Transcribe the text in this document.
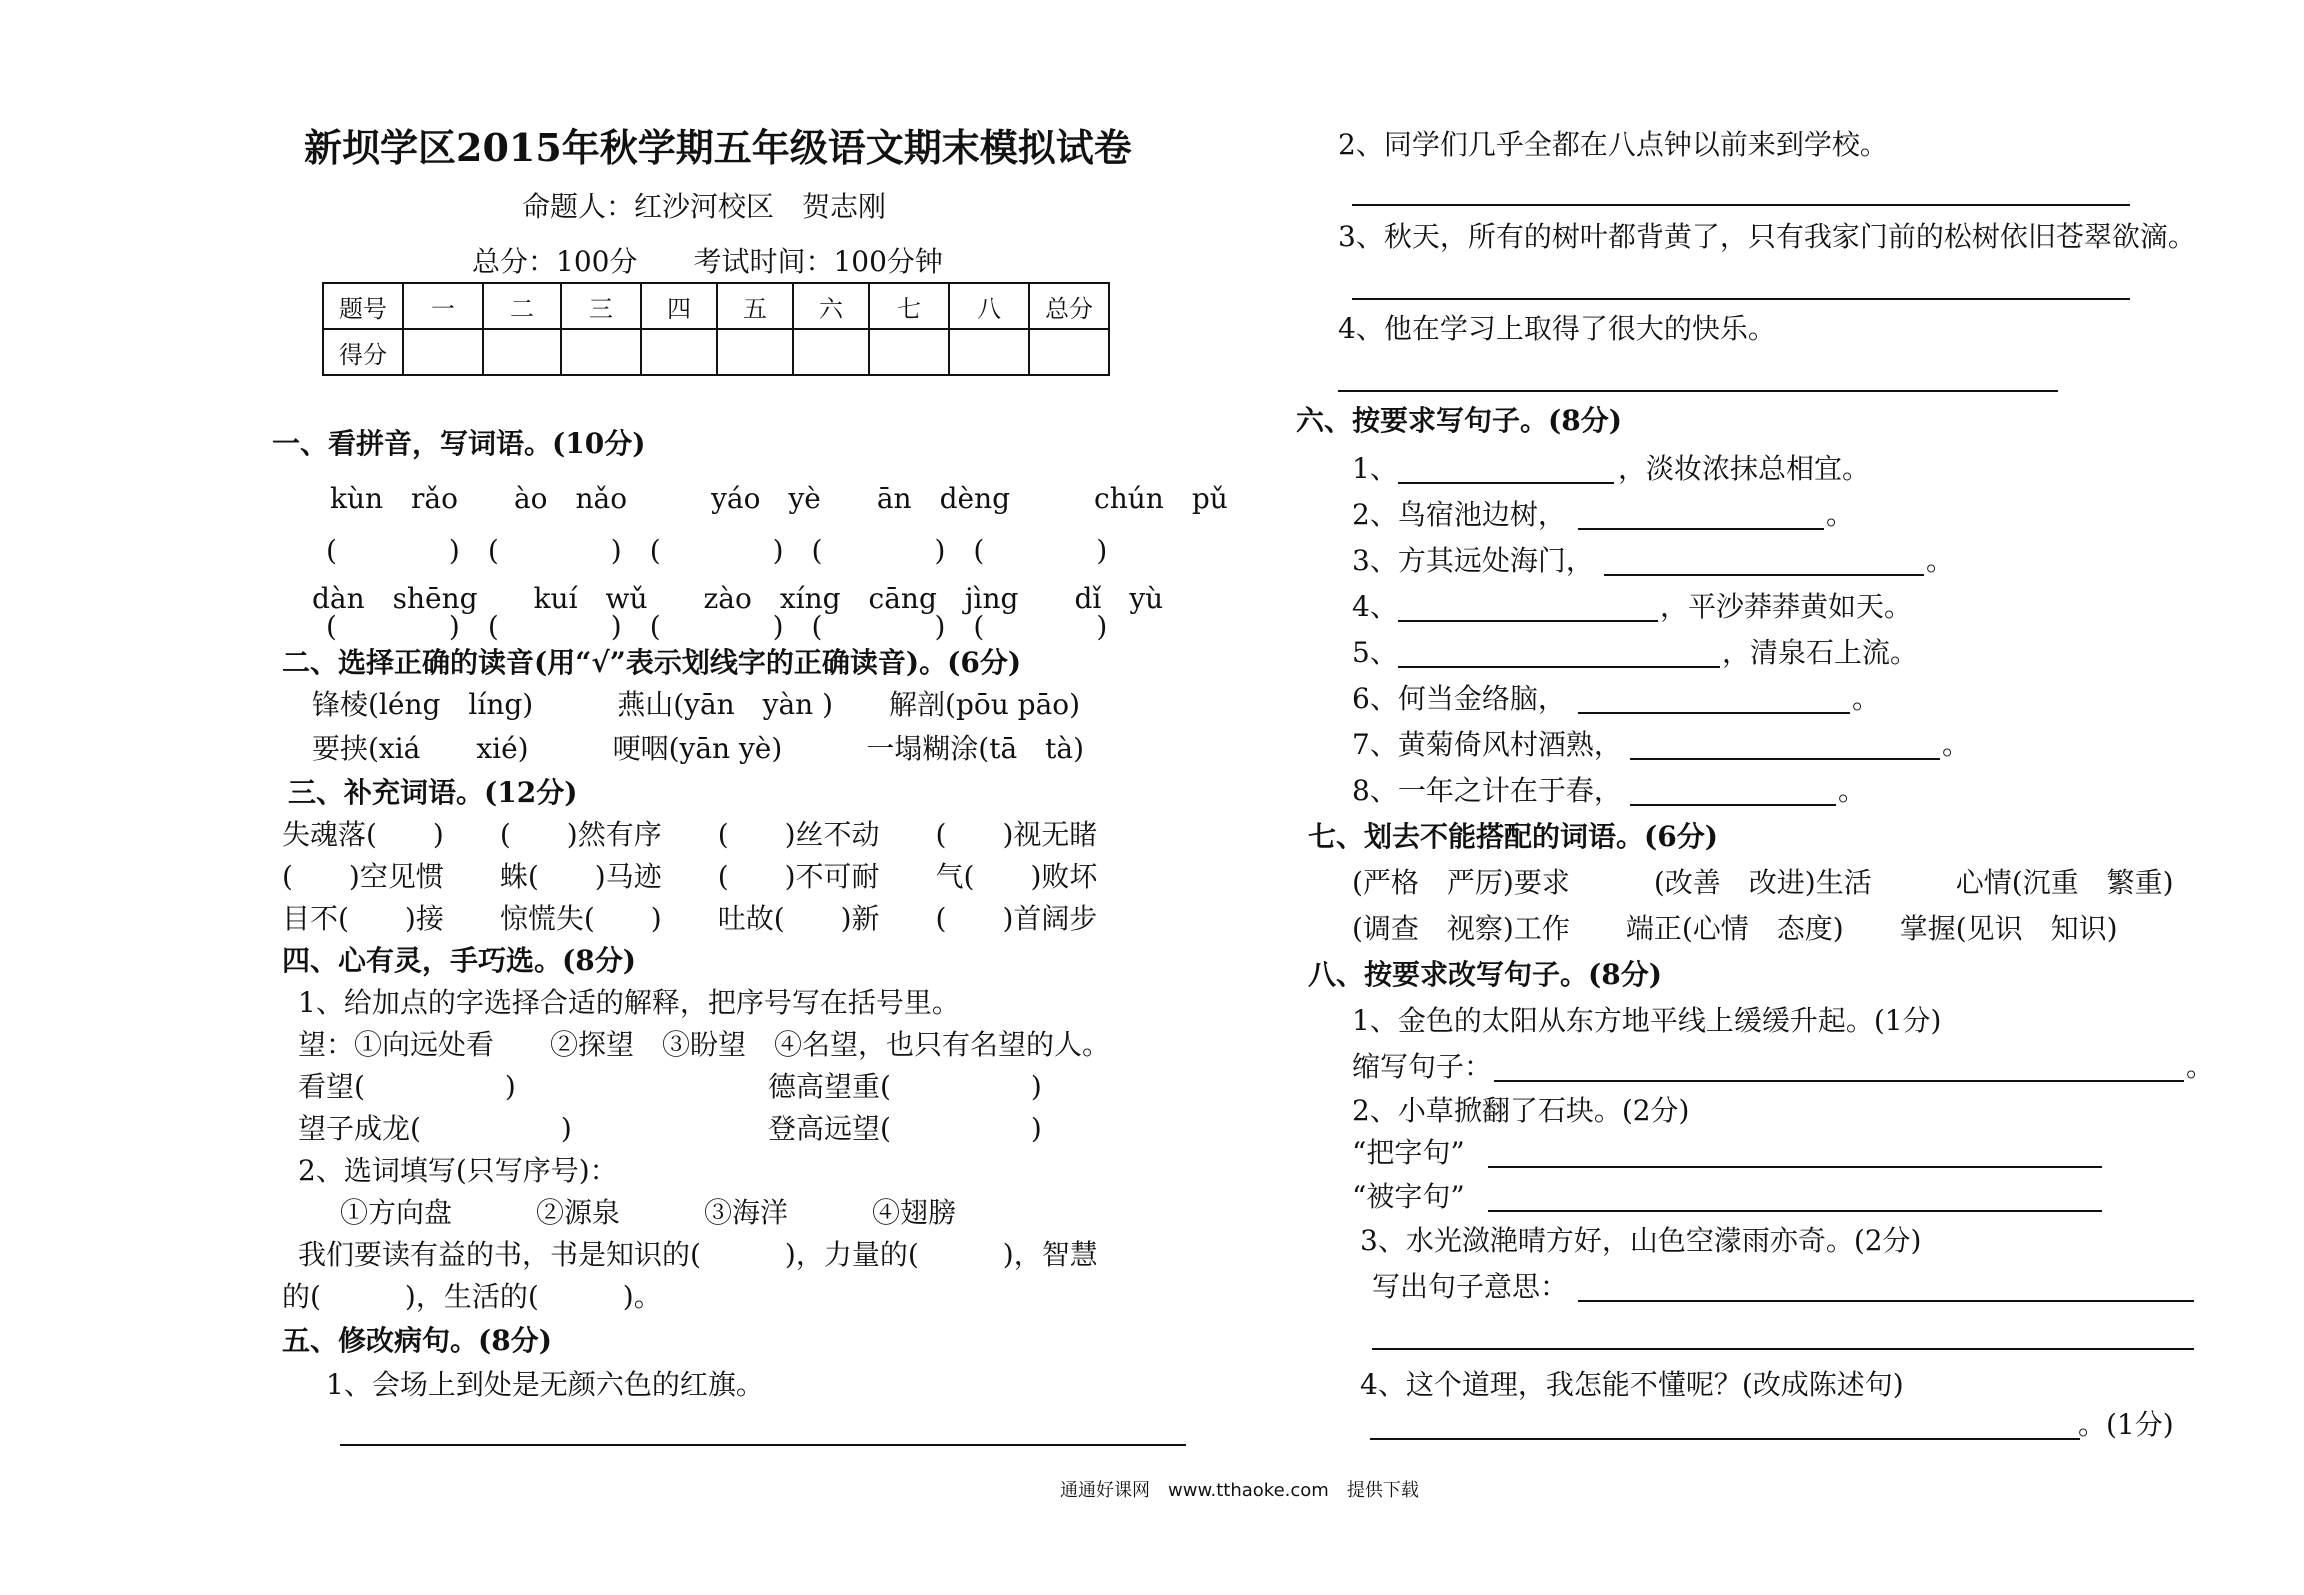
新坝学区2015年秋学期五年级语文期末模拟试卷
命题人：红沙河校区　贺志刚
总分：100分　　考试时间：100分钟
题号	一	二	三	四	五	六	七	八	总分
得分									
一、看拼音，写词语。(10分)
kùn　rǎo　　ào　nǎo　　　yáo　yè　　ān　dèng　　　chún　pǔ
(　　　　)　(　　　　)　(　　　　)　(　　　　)　(　　　　)
dàn　shēng　　kuí　wǔ　　zào　xíng　cāng　jìng　　dǐ　yù
(　　　　)　(　　　　)　(　　　　)　(　　　　)　(　　　　)
二、选择正确的读音(用“√”表示划线字的正确读音)。(6分)
锋棱(léng　líng)　　　燕山(yān　yàn )　　解剖(pōu pāo)
要挟(xiá　　xié)　　　哽咽(yān yè)　　　一塌糊涂(tā　tà)
三、补充词语。(12分)
失魂落(　　)　　(　　)然有序　　(　　)丝不动　　(　　)视无睹
(　　)空见惯　　蛛(　　)马迹　　(　　)不可耐　　气(　　)败坏
目不(　　)接　　惊慌失(　　)　　吐故(　　)新　　(　　)首阔步
四、心有灵，手巧选。(8分)
1、给加点的字选择合适的解释，把序号写在括号里。
望：①向远处看　　②探望　③盼望　④名望，也只有名望的人。
看望(　　　　　)	德高望重(　　　　　)
望子成龙(　　　　　)	登高远望(　　　　　)
2、选词填写(只写序号)：
①方向盘　　　②源泉　　　③海洋　　　④翅膀
我们要读有益的书，书是知识的(　　　)，力量的(　　　)，智慧
的(　　　)，生活的(　　　)。
五、修改病句。(8分)
1、会场上到处是无颜六色的红旗。
2、同学们几乎全都在八点钟以前来到学校。
3、秋天，所有的树叶都背黄了，只有我家门前的松树依旧苍翠欲滴。
4、他在学习上取得了很大的快乐。
六、按要求写句子。(8分)
1、	，淡妆浓抹总相宜。
2、鸟宿池边树，	。
3、方其远处海门，	。
4、	，平沙莽莽黄如天。
5、	，清泉石上流。
6、何当金络脑，	。
7、黄菊倚风村酒熟，	。
8、一年之计在于春，	。
七、划去不能搭配的词语。(6分)
(严格　严厉)要求　　　(改善　改进)生活　　　心情(沉重　繁重)
(调查　视察)工作　　端正(心情　态度)　　掌握(见识　知识)
八、按要求改写句子。(8分)
1、金色的太阳从东方地平线上缓缓升起。(1分)
缩写句子：	。
2、小草掀翻了石块。(2分)
“把字句”
“被字句”
3、水光潋滟晴方好，山色空濛雨亦奇。(2分)
写出句子意思：
4、这个道理，我怎能不懂呢？(改成陈述句)
。(1分)
通通好课网　www.tthaoke.com　提供下载
